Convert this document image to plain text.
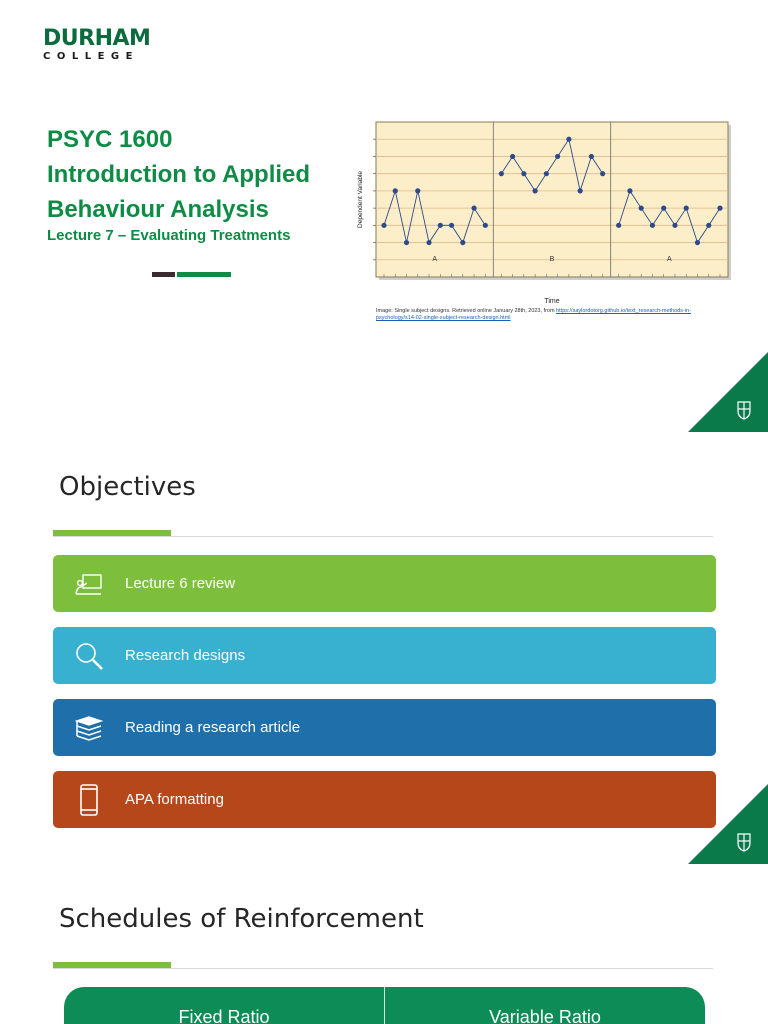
DURHAM
COLLEGE
PSYC 1600
Introduction to Applied Behaviour Analysis
Lecture 7 – Evaluating Treatments
A	B	A
Time
Dependent Variable
Image: Single subject designs. Retrieved online January 28th, 2023, from https://saylordotorg.github.io/text_research-methods-in-psychology/s14-02-single-subject-research-design.html
Objectives
Lecture 6 review
Research designs
Reading a research article
APA formatting
Schedules of Reinforcement
Fixed Ratio	Variable Ratio
